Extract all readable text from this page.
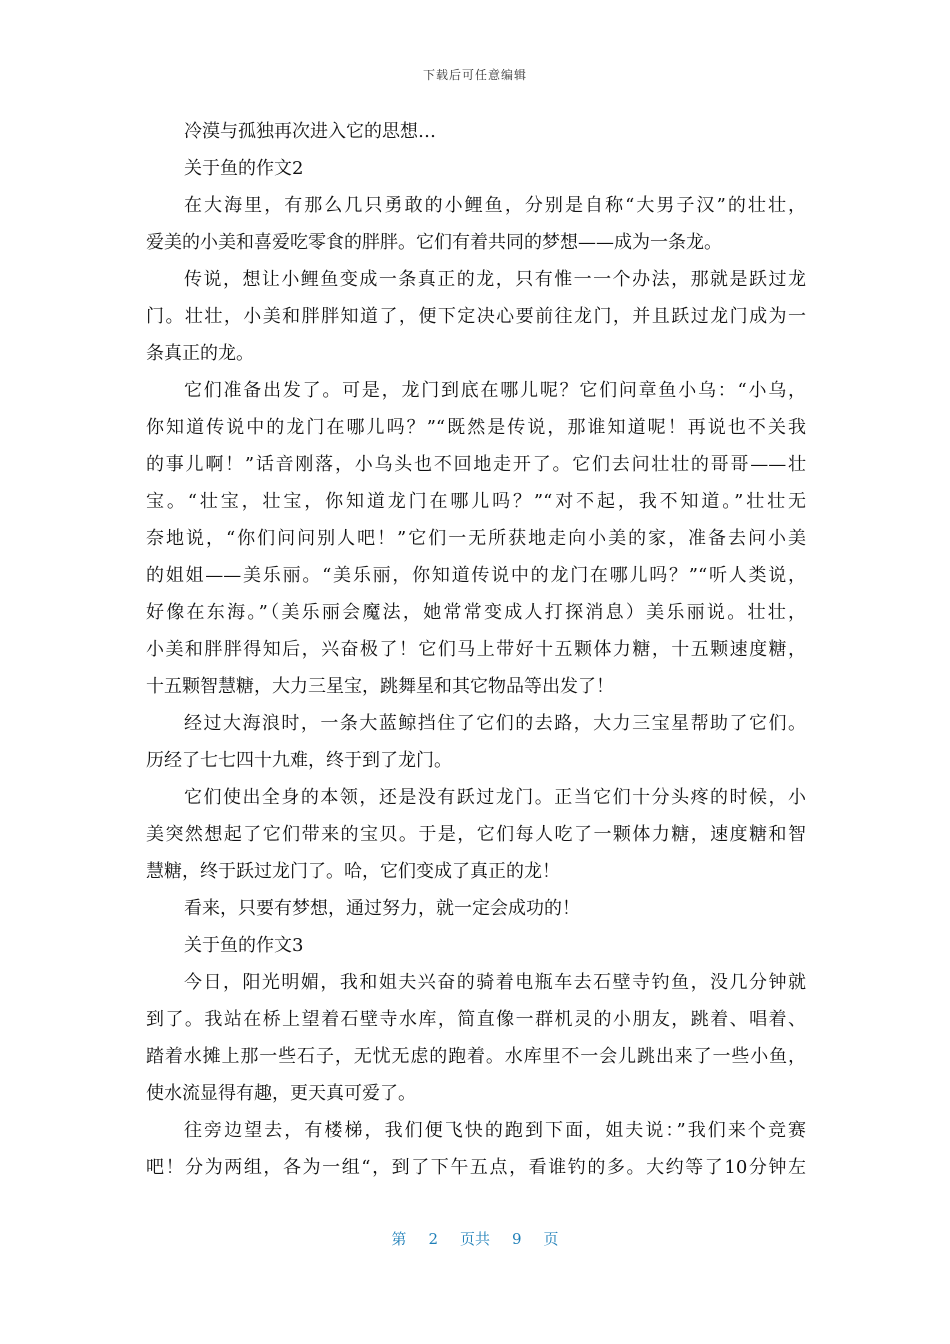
下载后可任意编辑
冷漠与孤独再次进入它的思想…
关于鱼的作文2
在大海里，有那么几只勇敢的小鲤鱼，分别是自称“大男子汉”的壮壮，
爱美的小美和喜爱吃零食的胖胖。它们有着共同的梦想——成为一条龙。
传说，想让小鲤鱼变成一条真正的龙，只有惟一一个办法，那就是跃过龙
门。壮壮，小美和胖胖知道了，便下定决心要前往龙门，并且跃过龙门成为一
条真正的龙。
它们准备出发了。可是，龙门到底在哪儿呢？它们问章鱼小乌：“小乌，
你知道传说中的龙门在哪儿吗？”“既然是传说，那谁知道呢！再说也不关我
的事儿啊！”话音刚落，小乌头也不回地走开了。它们去问壮壮的哥哥——壮
宝。“壮宝，壮宝，你知道龙门在哪儿吗？”“对不起，我不知道。”壮壮无
奈地说，“你们问问别人吧！”它们一无所获地走向小美的家，准备去问小美
的姐姐——美乐丽。“美乐丽，你知道传说中的龙门在哪儿吗？”“听人类说，
好像在东海。”（美乐丽会魔法，她常常变成人打探消息）美乐丽说。壮壮，
小美和胖胖得知后，兴奋极了！它们马上带好十五颗体力糖，十五颗速度糖，
十五颗智慧糖，大力三星宝，跳舞星和其它物品等出发了！
经过大海浪时，一条大蓝鲸挡住了它们的去路，大力三宝星帮助了它们。
历经了七七四十九难，终于到了龙门。
它们使出全身的本领，还是没有跃过龙门。正当它们十分头疼的时候，小
美突然想起了它们带来的宝贝。于是，它们每人吃了一颗体力糖，速度糖和智
慧糖，终于跃过龙门了。哈，它们变成了真正的龙！
看来，只要有梦想，通过努力，就一定会成功的！
关于鱼的作文3
今日，阳光明媚，我和姐夫兴奋的骑着电瓶车去石壁寺钓鱼，没几分钟就
到了。我站在桥上望着石壁寺水库，简直像一群机灵的小朋友，跳着、唱着、
踏着水摊上那一些石子，无忧无虑的跑着。水库里不一会儿跳出来了一些小鱼，
使水流显得有趣，更天真可爱了。
往旁边望去，有楼梯，我们便飞快的跑到下面，姐夫说：”我们来个竞赛
吧！分为两组，各为一组“，到了下午五点，看谁钓的多。大约等了10分钟左
第 2 页共 9 页
